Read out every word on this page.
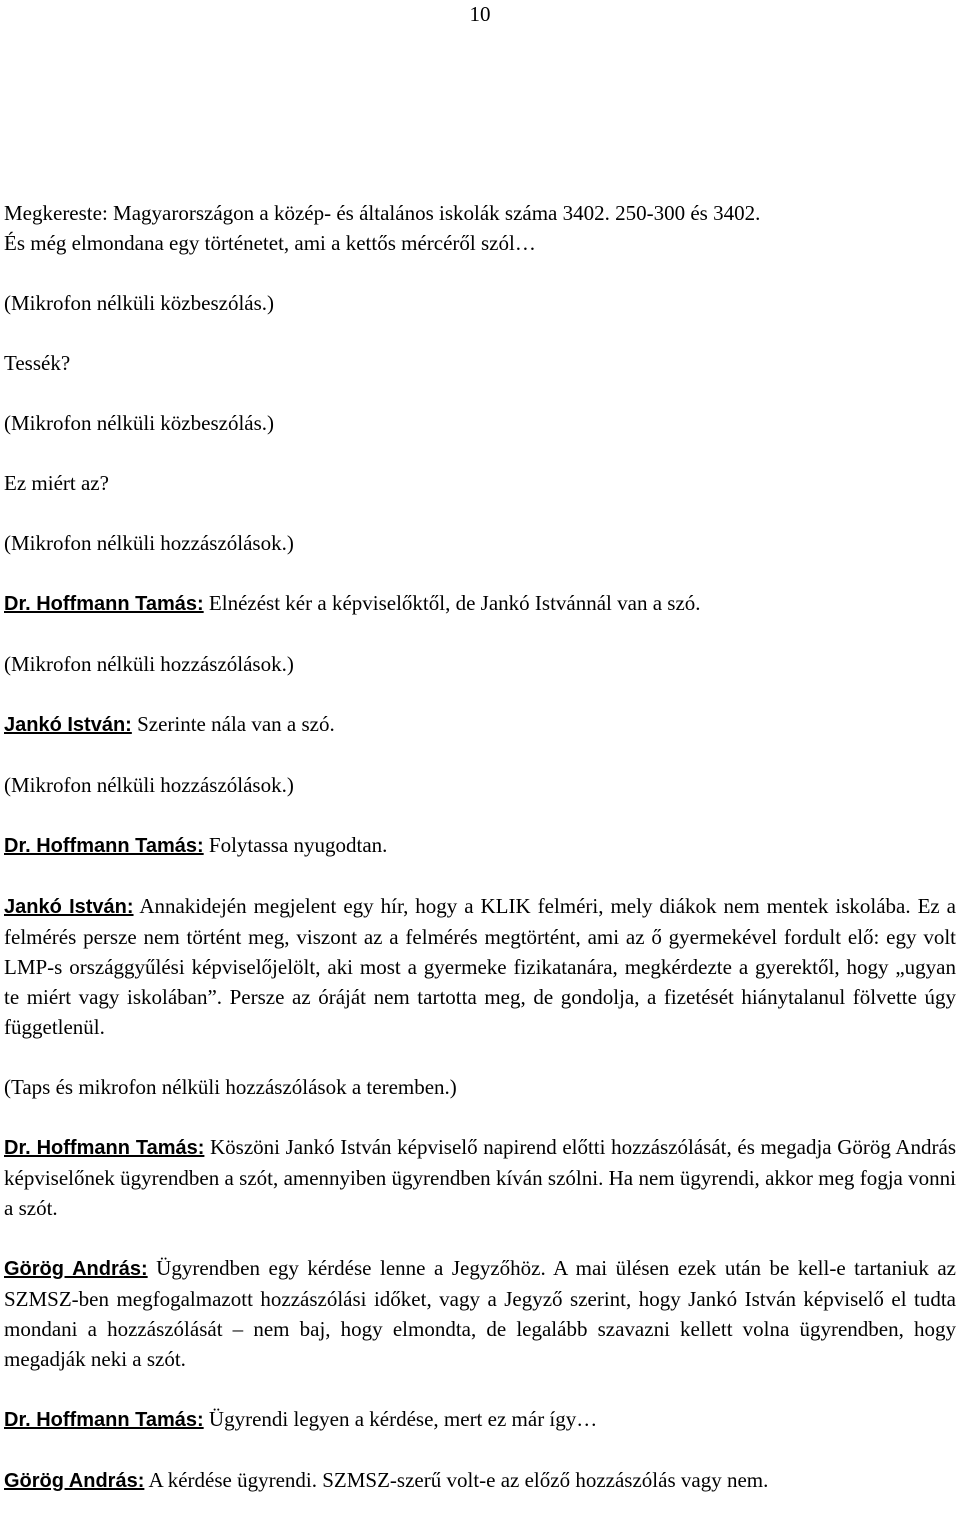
10

Megkereste: Magyarországon a közép- és általános iskolák száma 3402. 250-300 és 3402.
És még elmondana egy történetet, ami a kettős mércéről szól…

(Mikrofon nélküli közbeszólás.)

Tessék?

(Mikrofon nélküli közbeszólás.)

Ez miért az?

(Mikrofon nélküli hozzászólások.)

Dr. Hoffmann Tamás: Elnézést kér a képviselőktől, de Jankó Istvánnál van a szó.

(Mikrofon nélküli hozzászólások.)

Jankó István: Szerinte nála van a szó.

(Mikrofon nélküli hozzászólások.)

Dr. Hoffmann Tamás: Folytassa nyugodtan.

Jankó István: Annakidején megjelent egy hír, hogy a KLIK felméri, mely diákok nem mentek iskolába. Ez a felmérés persze nem történt meg, viszont az a felmérés megtörtént, ami az ő gyermekével fordult elő: egy volt LMP-s országgyűlési képviselőjelölt, aki most a gyermeke fizikatanára, megkérdezte a gyerektől, hogy „ugyan te miért vagy iskolában”. Persze az óráját nem tartotta meg, de gondolja, a fizetését hiánytalanul fölvette úgy függetlenül.

(Taps és mikrofon nélküli hozzászólások a teremben.)

Dr. Hoffmann Tamás: Köszöni Jankó István képviselő napirend előtti hozzászólását, és megadja Görög András képviselőnek ügyrendben a szót, amennyiben ügyrendben kíván szólni. Ha nem ügyrendi, akkor meg fogja vonni a szót.

Görög András: Ügyrendben egy kérdése lenne a Jegyzőhöz. A mai ülésen ezek után be kell-e tartaniuk az SZMSZ-ben megfogalmazott hozzászólási időket, vagy a Jegyző szerint, hogy Jankó István képviselő el tudta mondani a hozzászólását – nem baj, hogy elmondta, de legalább szavazni kellett volna ügyrendben, hogy megadják neki a szót.

Dr. Hoffmann Tamás: Ügyrendi legyen a kérdése, mert ez már így…

Görög András: A kérdése ügyrendi. SZMSZ-szerű volt-e az előző hozzászólás vagy nem.
